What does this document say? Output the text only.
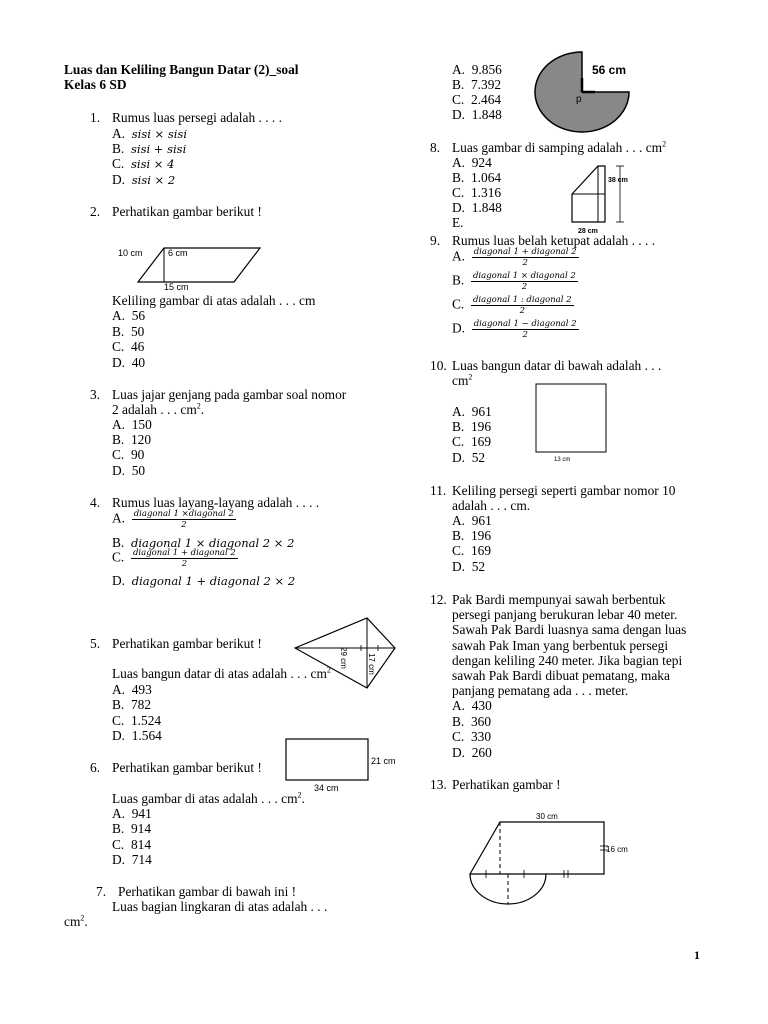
Luas dan Keliling Bangun Datar (2)_soal
Kelas 6 SD
1. Rumus luas persegi adalah . . . .
A. sisi × sisi
B. sisi + sisi
C. sisi × 4
D. sisi × 2
2. Perhatikan gambar berikut !
10 cm	6 cm
15 cm
Keliling gambar di atas adalah . . . cm
A. 56
B. 50
C. 46
D. 40
3. Luas jajar genjang pada gambar soal nomor
2 adalah . . . $cm^2$.
A. 150
B. 120
C. 90
D. 50
4. Rumus luas layang-layang adalah . . . .
A. diagonal 1 ×diagonal 2
2
B. diagonal 1 × diagonal 2 × 2
C. diagonal 1 + diagonal 2
2
D. diagonal 1 + diagonal 2 × 2
5. Perhatikan gambar berikut !
29 cm 17 cm
Luas bangun datar di atas adalah . . . $cm^2$
A. 493
B. 782
C. 1.524
D. 1.564
6. Perhatikan gambar berikut !	21 cm
34 cm
Luas gambar di atas adalah . . . $cm^2$.
A. 941
B. 914
C. 814
D. 714
7. Perhatikan gambar di bawah ini !
Luas bagian lingkaran di atas adalah . . .
$cm^2$.
A. 9.856
B. 7.392
C. 2.464
D. 1.848
56 cm
p
8. Luas gambar di samping adalah . . . $cm^2$
A. 924
B. 1.064
C. 1.316
D. 1.848
E.
38 cm
28 cm
9. Rumus luas belah ketupat adalah . . . .
A. diagonal 1 + diagonal 2
2
B. diagonal 1 × diagonal 2
2
C. diagonal 1 : diagonal 2
2
D. diagonal 1 − diagonal 2
2
10. Luas bangun datar di bawah adalah . . .
$cm^2$
A. 961
B. 196
C. 169
D. 52	13 cm
11. Keliling persegi seperti gambar nomor 10
adalah . . . cm.
A. 961
B. 196
C. 169
D. 52
12. Pak Bardi mempunyai sawah berbentuk
persegi panjang berukuran lebar 40 meter.
Sawah Pak Bardi luasnya sama dengan luas
sawah Pak Iman yang berbentuk persegi
dengan keliling 240 meter. Jika bagian tepi
sawah Pak Bardi dibuat pematang, maka
panjang pematang ada . . . meter.
A. 430
B. 360
C. 330
D. 260
13. Perhatikan gambar !
30 cm
16 cm
1
